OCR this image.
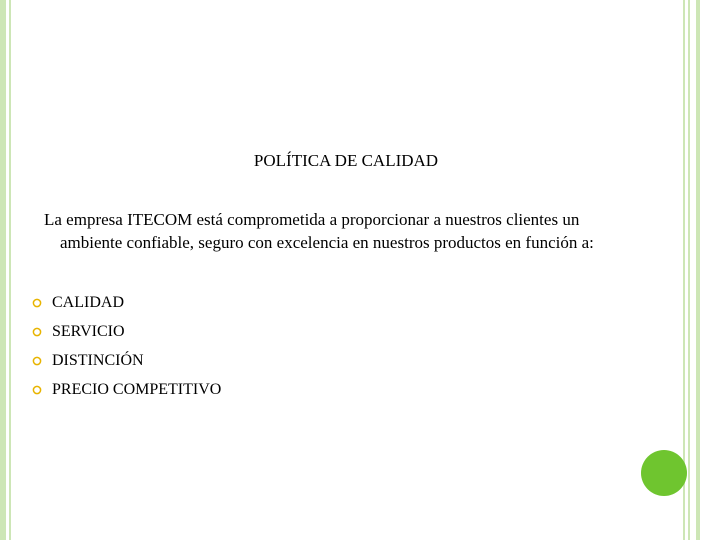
POLÍTICA DE CALIDAD
La empresa ITECOM está comprometida a proporcionar a nuestros clientes un
ambiente confiable, seguro con excelencia en nuestros productos en función a:
CALIDAD
SERVICIO
DISTINCIÓN
PRECIO COMPETITIVO
